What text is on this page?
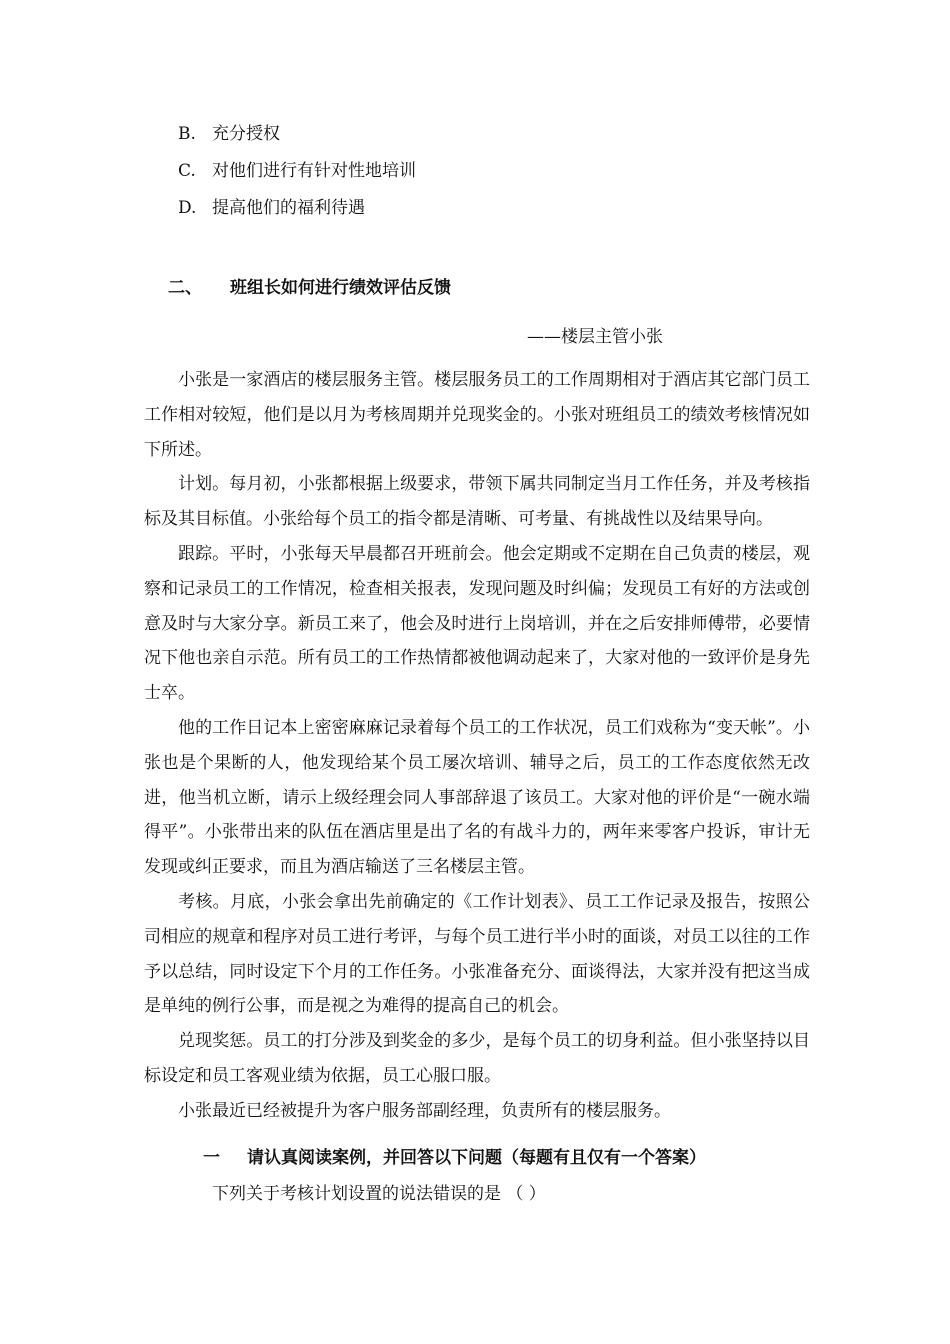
B. 充分授权
C. 对他们进行有针对性地培训
D. 提高他们的福利待遇
二、 班组长如何进行绩效评估反馈
——楼层主管小张

小张是一家酒店的楼层服务主管。楼层服务员工的工作周期相对于酒店其它部门员工工作相对较短，他们是以月为考核周期并兑现奖金的。小张对班组员工的绩效考核情况如下所述。

计划。每月初，小张都根据上级要求，带领下属共同制定当月工作任务，并及考核指标及其目标值。小张给每个员工的指令都是清晰、可考量、有挑战性以及结果导向。

跟踪。平时，小张每天早晨都召开班前会。他会定期或不定期在自己负责的楼层，观察和记录员工的工作情况，检查相关报表，发现问题及时纠偏；发现员工有好的方法或创意及时与大家分享。新员工来了，他会及时进行上岗培训，并在之后安排师傅带，必要情况下他也亲自示范。所有员工的工作热情都被他调动起来了，大家对他的一致评价是身先士卒。

他的工作日记本上密密麻麻记录着每个员工的工作状况，员工们戏称为“变天帐”。小张也是个果断的人，他发现给某个员工屡次培训、辅导之后，员工的工作态度依然无改进，他当机立断，请示上级经理会同人事部辞退了该员工。大家对他的评价是“一碗水端得平”。小张带出来的队伍在酒店里是出了名的有战斗力的，两年来零客户投诉，审计无发现或纠正要求，而且为酒店输送了三名楼层主管。

考核。月底，小张会拿出先前确定的《工作计划表》、员工工作记录及报告，按照公司相应的规章和程序对员工进行考评，与每个员工进行半小时的面谈，对员工以往的工作予以总结，同时设定下个月的工作任务。小张准备充分、面谈得法，大家并没有把这当成是单纯的例行公事，而是视之为难得的提高自己的机会。

兑现奖惩。员工的打分涉及到奖金的多少，是每个员工的切身利益。但小张坚持以目标设定和员工客观业绩为依据，员工心服口服。

小张最近已经被提升为客户服务部副经理，负责所有的楼层服务。

一 请认真阅读案例，并回答以下问题（每题有且仅有一个答案）
下列关于考核计划设置的说法错误的是 （ ）
